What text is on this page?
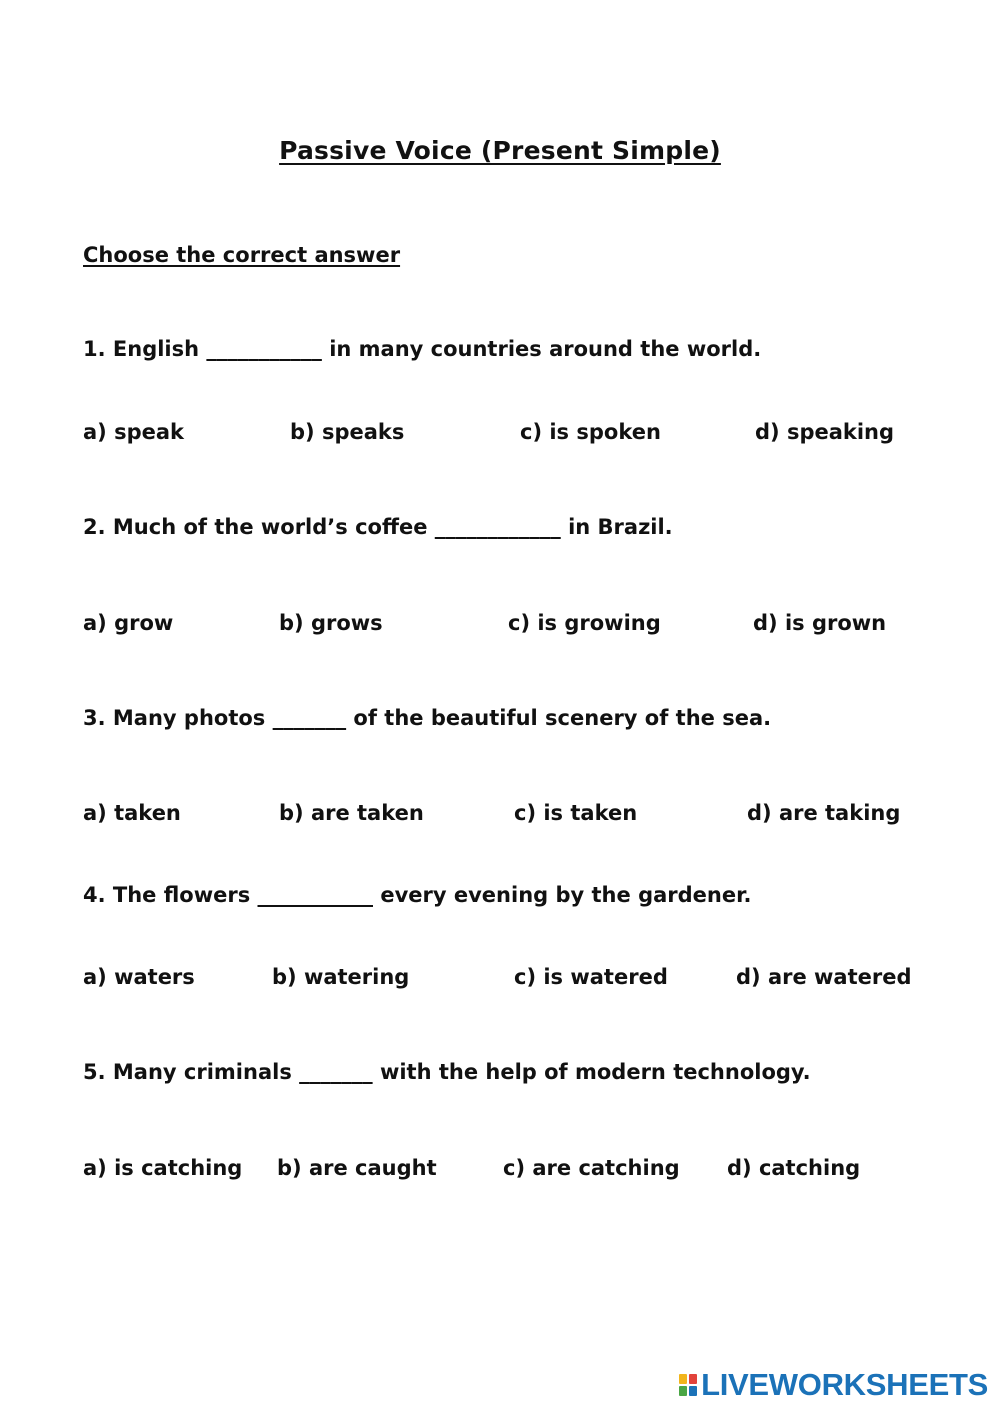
Passive Voice (Present Simple)
Choose the correct answer
1. English ___________ in many countries around the world.
a) speak	b) speaks	c) is spoken	d) speaking
2. Much of the world’s coffee ____________ in Brazil.
a) grow	b) grows	c) is growing	d) is grown
3. Many photos _______ of the beautiful scenery of the sea.
a) taken	b) are taken	c) is taken	d) are taking
4. The flowers ___________ every evening by the gardener.
a) waters	b) watering	c) is watered	d) are watered
5. Many criminals _______ with the help of modern technology.
a) is catching b) are caught	c) are catching d) catching
LIVEWORKSHEETS
